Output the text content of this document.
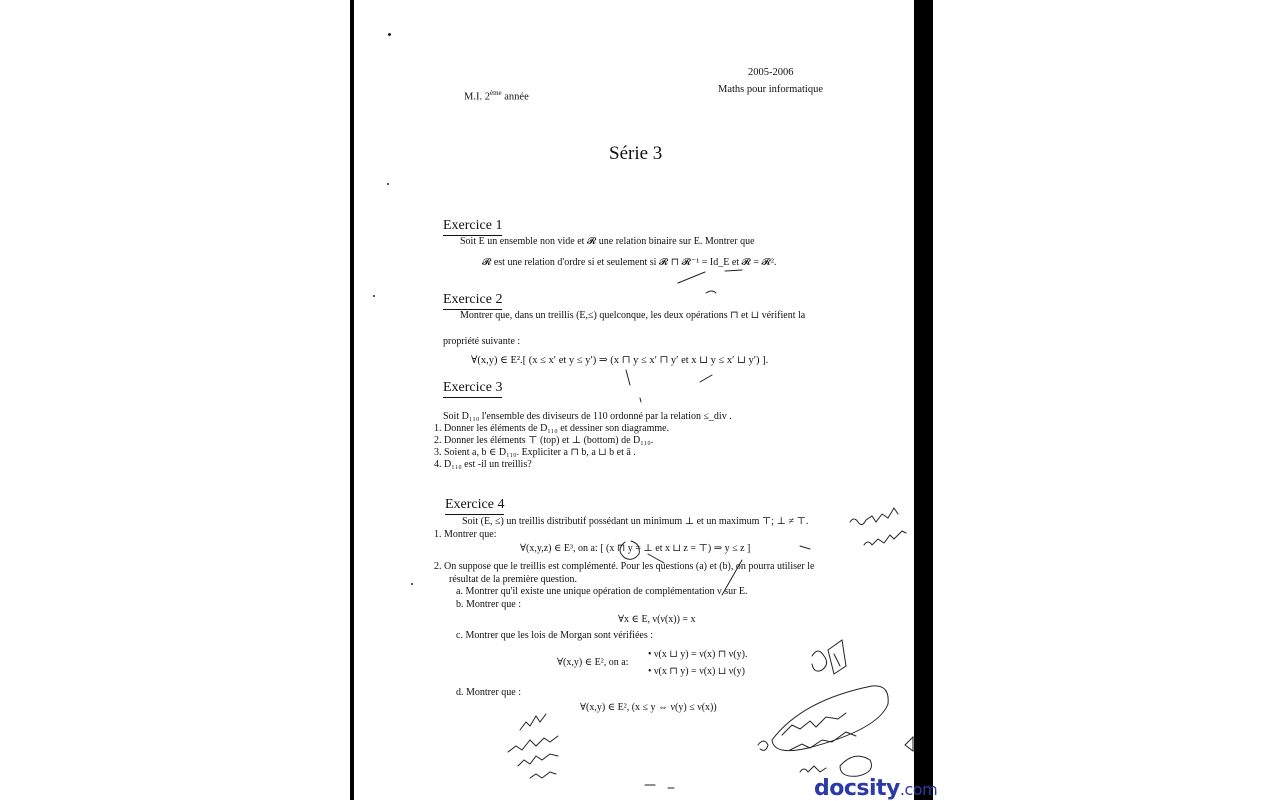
M.I. 2ème année
2005-2006
Maths pour informatique
Série 3
Exercice 1
Soit E un ensemble non vide et 𝓡 une relation binaire sur E. Montrer que
𝓡 est une relation d'ordre si et seulement si 𝓡 ⊓ 𝓡⁻¹ = Id_E et 𝓡 = 𝓡².
Exercice 2
Montrer que, dans un treillis (E,≤) quelconque, les deux opérations ⊓ et ⊔ vérifient la
propriété suivante :
∀(x,y) ∈ E².[ (x ≤ x′ et y ≤ y′) ⇒ (x ⊓ y ≤ x′ ⊓ y′ et x ⊔ y ≤ x′ ⊔ y′) ].
Exercice 3
Soit D₁₁₀ l'ensemble des diviseurs de 110 ordonné par la relation ≤_div .
1. Donner les éléments de D₁₁₀ et dessiner son diagramme.
2. Donner les éléments ⊤ (top) et ⊥ (bottom) de D₁₁₀.
3. Soient a, b ∈ D₁₁₀. Expliciter a ⊓ b, a ⊔ b et ā .
4. D₁₁₀ est -il un treillis?
Exercice 4
Soit (E, ≤) un treillis distributif possédant un minimum ⊥ et un maximum ⊤; ⊥ ≠ ⊤.
1. Montrer que:
∀(x,y,z) ∈ E³, on a: [ (x ⊓ y = ⊥ et x ⊔ z = ⊤) ⇒ y ≤ z ]
2. On suppose que le treillis est complémenté. Pour les questions (a) et (b), on pourra utiliser le
résultat de la première question.
a. Montrer qu'il existe une unique opération de complémentation ν sur E.
b. Montrer que :
∀x ∈ E, ν(ν(x)) = x
c. Montrer que les lois de Morgan sont vérifiées :
∀(x,y) ∈ E², on a:
• ν(x ⊔ y) = ν(x) ⊓ ν(y).
• ν(x ⊓ y) = ν(x) ⊔ ν(y)
d. Montrer que :
∀(x,y) ∈ E², (x ≤ y ⇔ ν(y) ≤ ν(x))
docsity.com
